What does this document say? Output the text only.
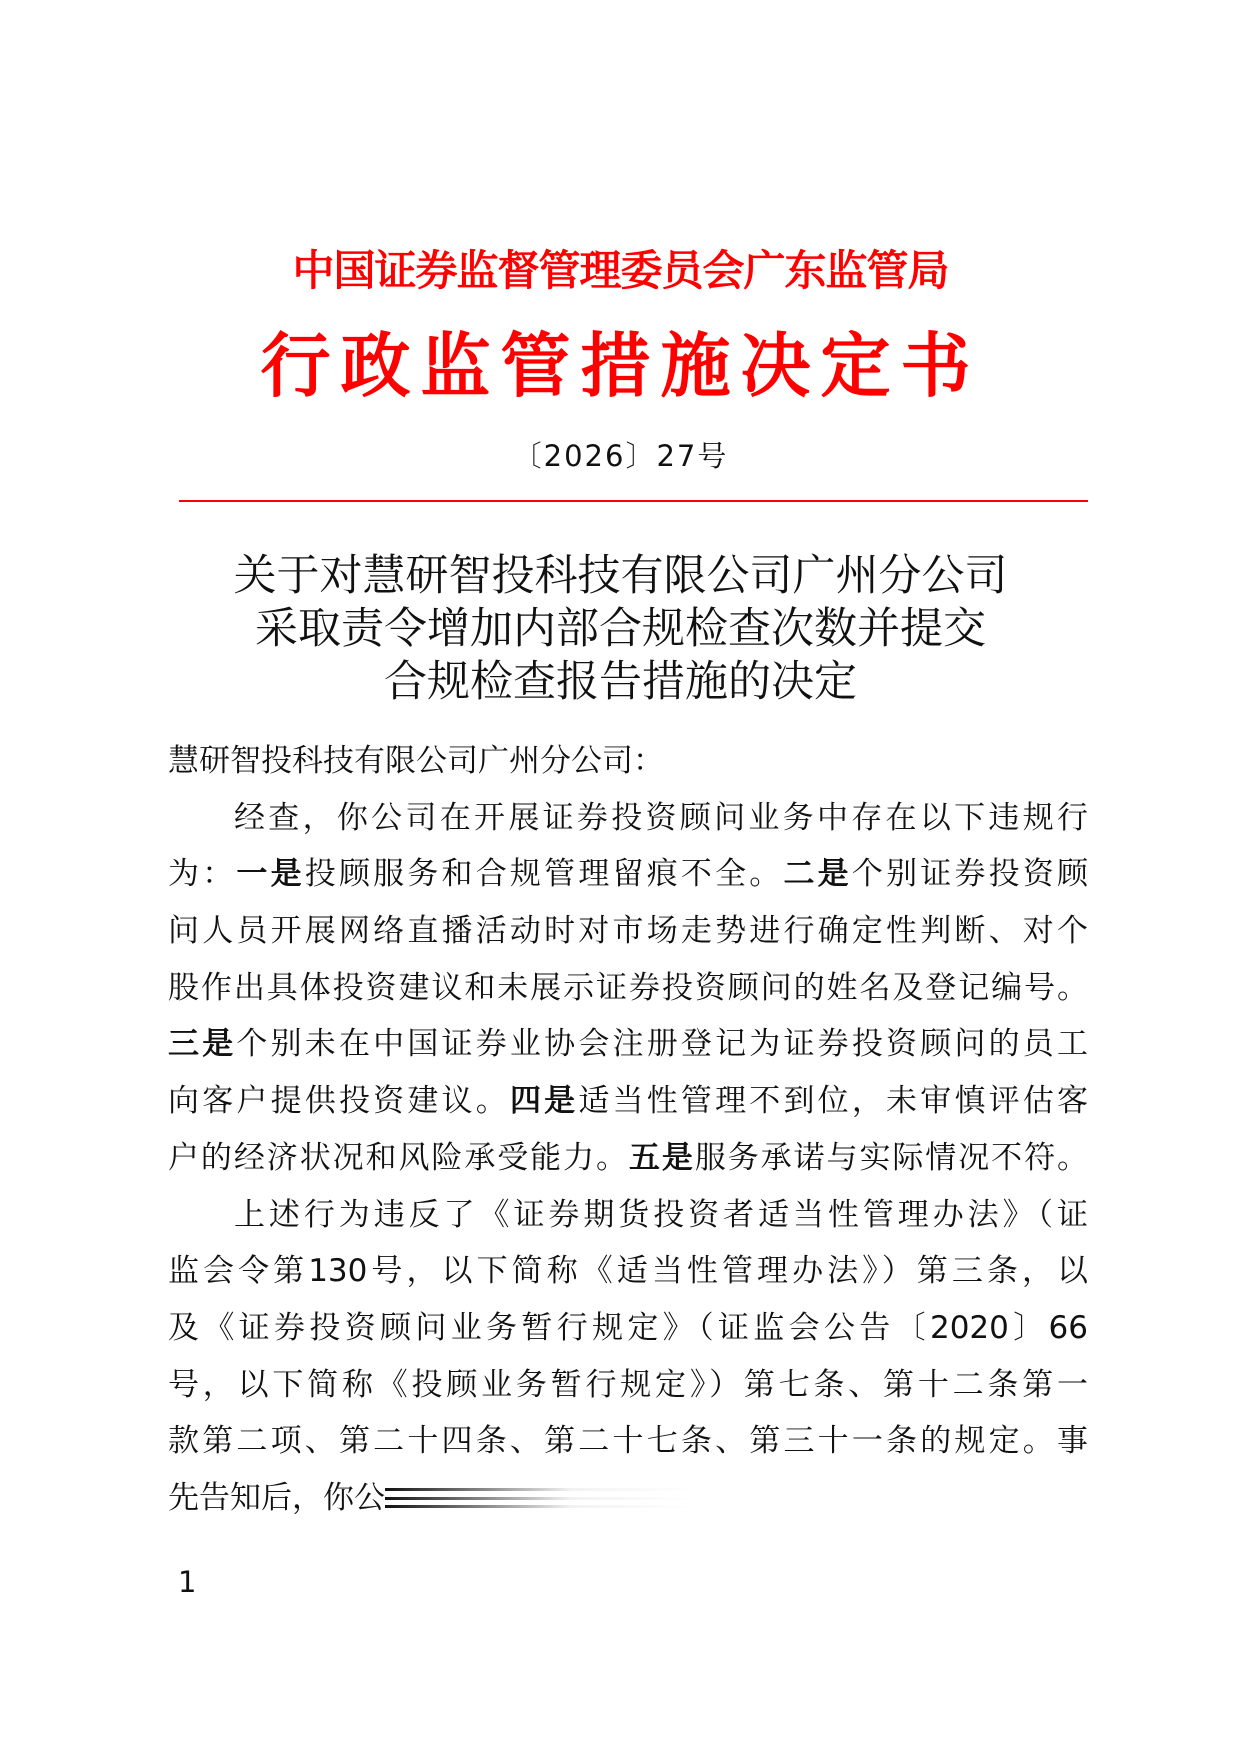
中国证券监督管理委员会广东监管局
行政监管措施决定书
〔2026〕27号
关于对慧研智投科技有限公司广州分公司
采取责令增加内部合规检查次数并提交
合规检查报告措施的决定
慧研智投科技有限公司广州分公司：
经查，你公司在开展证券投资顾问业务中存在以下违规行
为：一是投顾服务和合规管理留痕不全。二是个别证券投资顾
问人员开展网络直播活动时对市场走势进行确定性判断、对个
股作出具体投资建议和未展示证券投资顾问的姓名及登记编号。
三是个别未在中国证券业协会注册登记为证券投资顾问的员工
向客户提供投资建议。四是适当性管理不到位，未审慎评估客
户的经济状况和风险承受能力。五是服务承诺与实际情况不符。
上述行为违反了《证券期货投资者适当性管理办法》（证
监会令第130号，以下简称《适当性管理办法》）第三条，以
及《证券投资顾问业务暂行规定》（证监会公告〔2020〕66
号，以下简称《投顾业务暂行规定》）第七条、第十二条第一
款第二项、第二十四条、第二十七条、第三十一条的规定。事
先告知后，你公
1
